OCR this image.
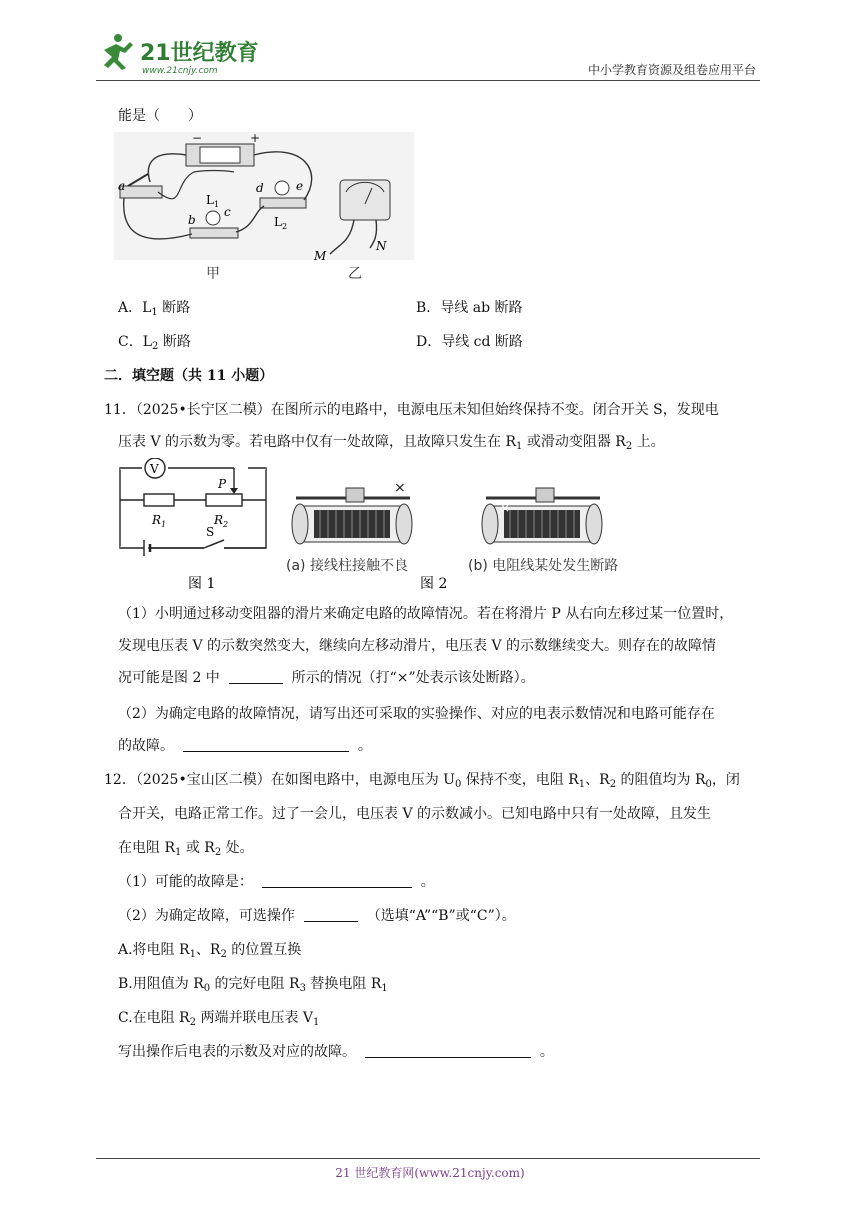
21世纪教育
www.21cnjy.com	中小学教育资源及组卷应用平台
能是（　　）
−	+
a
b
c
d	e
$L_1$
$L_2$
M
N
甲	乙
A．$L_1$ 断路	B．导线 ab 断路
C．$L_2$ 断路	D．导线 cd 断路
二．填空题（共 11 小题）
11．（2025•长宁区二模）在图所示的电路中，电源电压未知但始终保持不变。闭合开关 S，发现电
压表 V 的示数为零。若电路中仅有一处故障，且故障只发生在 $R_1$ 或滑动变阻器 $R_2$ 上。
V
P
$R_1$	$R_2$
S
图 1
×
(a) 接线柱接触不良
×
(b) 电阻线某处发生断路
图 2
（1）小明通过移动变阻器的滑片来确定电路的故障情况。若在将滑片 P 从右向左移过某一位置时，
发现电压表 V 的示数突然变大，继续向左移动滑片，电压表 V 的示数继续变大。则存在的故障情
况可能是图 2 中	所示的情况（打“×”处表示该处断路）。
（2）为确定电路的故障情况，请写出还可采取的实验操作、对应的电表示数情况和电路可能存在
的故障。	。
12．（2025•宝山区二模）在如图电路中，电源电压为 $U_0$ 保持不变，电阻 $R_1$、$R_2$ 的阻值均为 $R_0$，闭
合开关，电路正常工作。过了一会儿，电压表 V 的示数减小。已知电路中只有一处故障，且发生
在电阻 $R_1$ 或 $R_2$ 处。
（1）可能的故障是：	。
（2）为确定故障，可选操作	（选填“A”“B”或“C”）。
A.将电阻 $R_1$、$R_2$ 的位置互换
B.用阻值为 $R_0$ 的完好电阻 $R_3$ 替换电阻 $R_1$
C.在电阻 $R_2$ 两端并联电压表 $V_1$
写出操作后电表的示数及对应的故障。	。
21 世纪教育网(www.21cnjy.com)
